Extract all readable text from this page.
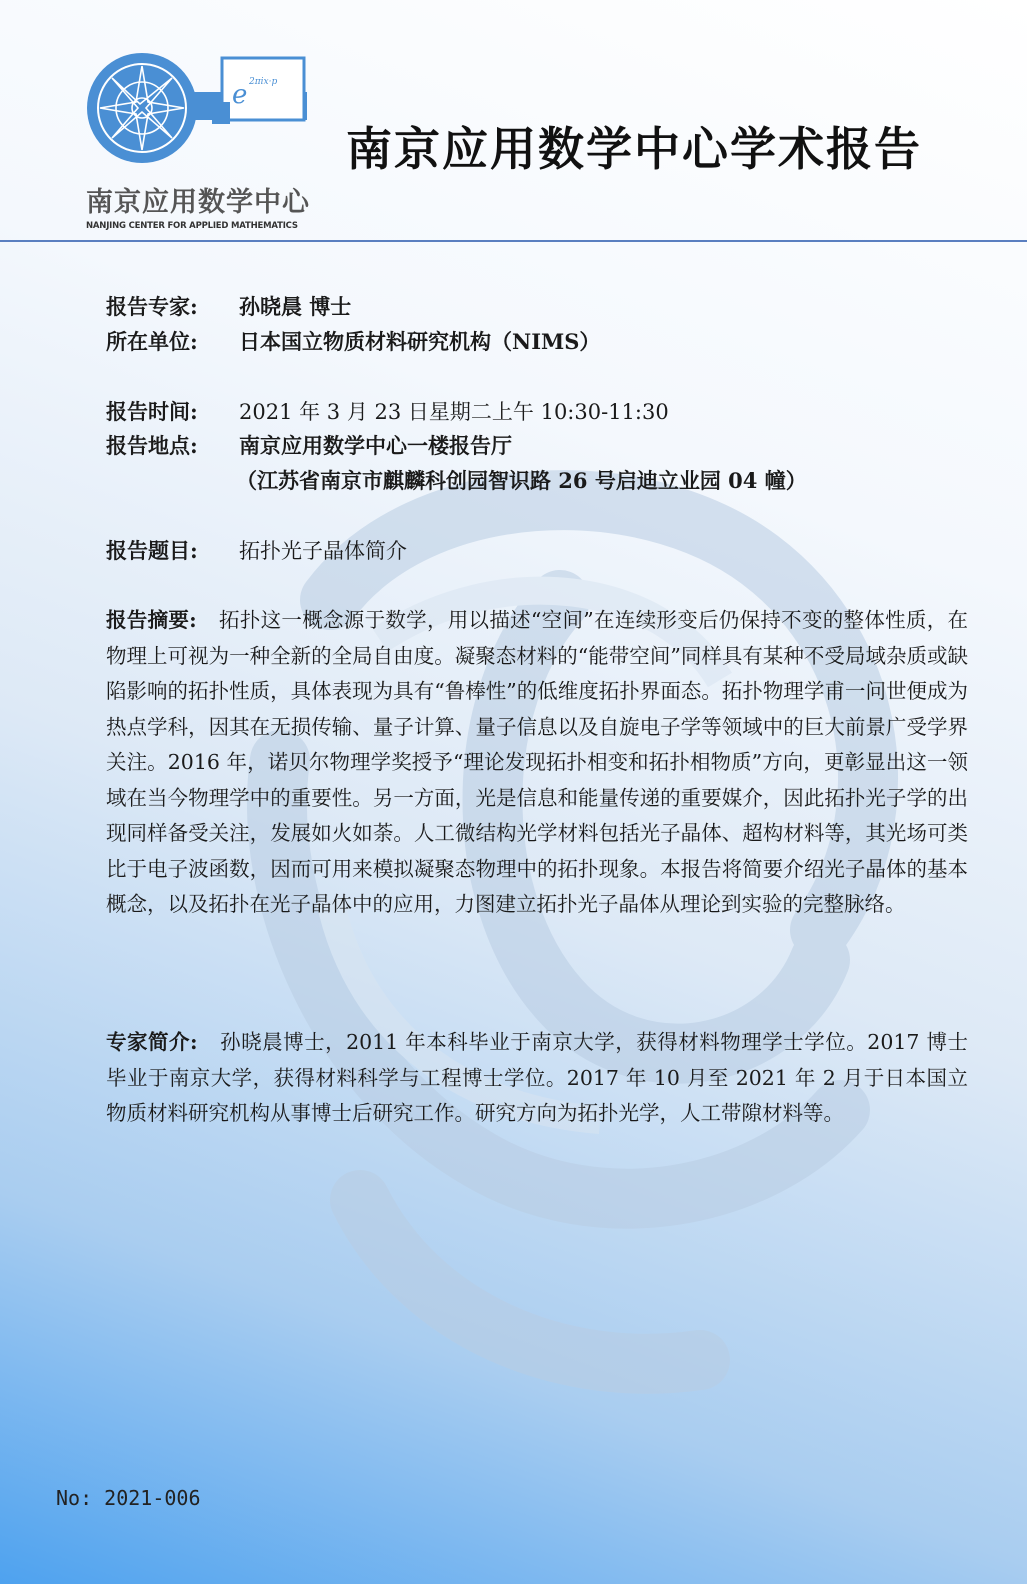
e 2πix·p
南京应用数学中心
NANJING CENTER FOR APPLIED MATHEMATICS
南京应用数学中心学术报告
报告专家: 孙晓晨 博士
所在单位: 日本国立物质材料研究机构（NIMS）
报告时间: 2021 年 3 月 23 日星期二上午 10:30-11:30
报告地点: 南京应用数学中心一楼报告厅
（江苏省南京市麒麟科创园智识路 26 号启迪立业园 04 幢）
报告题目: 拓扑光子晶体简介
报告摘要: 拓扑这一概念源于数学，用以描述“空间”在连续形变后仍保持不变的整体性质，在物理上可视为一种全新的全局自由度。凝聚态材料的“能带空间”同样具有某种不受局域杂质或缺陷影响的拓扑性质，具体表现为具有“鲁棒性”的低维度拓扑界面态。拓扑物理学甫一问世便成为热点学科，因其在无损传输、量子计算、量子信息以及自旋电子学等领域中的巨大前景广受学界关注。2016 年，诺贝尔物理学奖授予“理论发现拓扑相变和拓扑相物质”方向，更彰显出这一领域在当今物理学中的重要性。另一方面，光是信息和能量传递的重要媒介，因此拓扑光子学的出现同样备受关注，发展如火如荼。人工微结构光学材料包括光子晶体、超构材料等，其光场可类比于电子波函数，因而可用来模拟凝聚态物理中的拓扑现象。本报告将简要介绍光子晶体的基本概念，以及拓扑在光子晶体中的应用，力图建立拓扑光子晶体从理论到实验的完整脉络。
专家简介: 孙晓晨博士，2011 年本科毕业于南京大学，获得材料物理学士学位。2017 博士毕业于南京大学，获得材料科学与工程博士学位。2017 年 10 月至 2021 年 2 月于日本国立物质材料研究机构从事博士后研究工作。研究方向为拓扑光学，人工带隙材料等。
No: 2021-006
